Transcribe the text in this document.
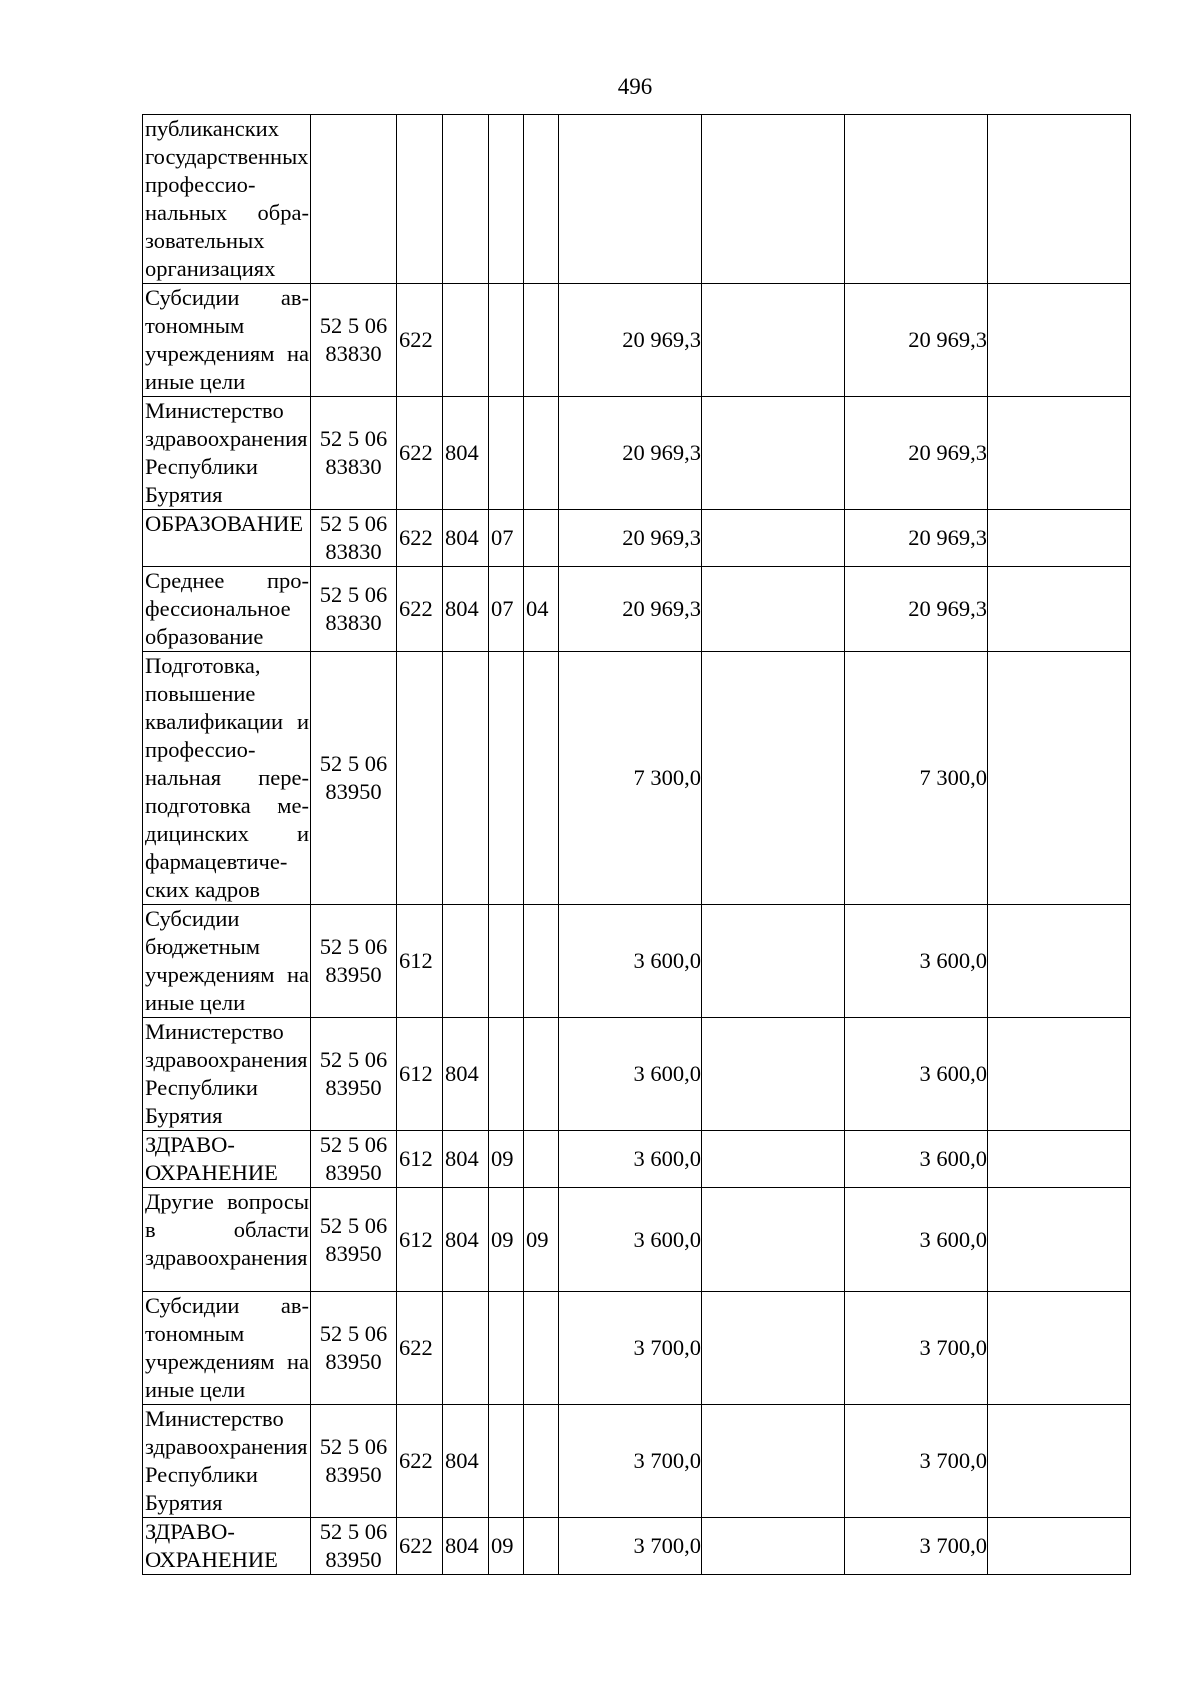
496
публиканских государственных профессиональных образовательных организациях									
Субсидии автономным учреждениям на иные цели	52 5 06 83830	622				20 969,3		20 969,3	
Министерство здравоохранения Республики Бурятия	52 5 06 83830	622	804			20 969,3		20 969,3	
ОБРАЗОВАНИЕ	52 5 06 83830	622	804	07		20 969,3		20 969,3	
Среднее профессиональное образование	52 5 06 83830	622	804	07	04	20 969,3		20 969,3	
Подготовка, повышение квалификации и профессиональная переподготовка медицинских и фармацевтических кадров	52 5 06 83950					7 300,0		7 300,0	
Субсидии бюджетным учреждениям на иные цели	52 5 06 83950	612				3 600,0		3 600,0	
Министерство здравоохранения Республики Бурятия	52 5 06 83950	612	804			3 600,0		3 600,0	
ЗДРАВООХРАНЕНИЕ	52 5 06 83950	612	804	09		3 600,0		3 600,0	
Другие вопросы в области здравоохранения	52 5 06 83950	612	804	09	09	3 600,0		3 600,0	
Субсидии автономным учреждениям на иные цели	52 5 06 83950	622				3 700,0		3 700,0	
Министерство здравоохранения Республики Бурятия	52 5 06 83950	622	804			3 700,0		3 700,0	
ЗДРАВООХРАНЕНИЕ	52 5 06 83950	622	804	09		3 700,0		3 700,0	
